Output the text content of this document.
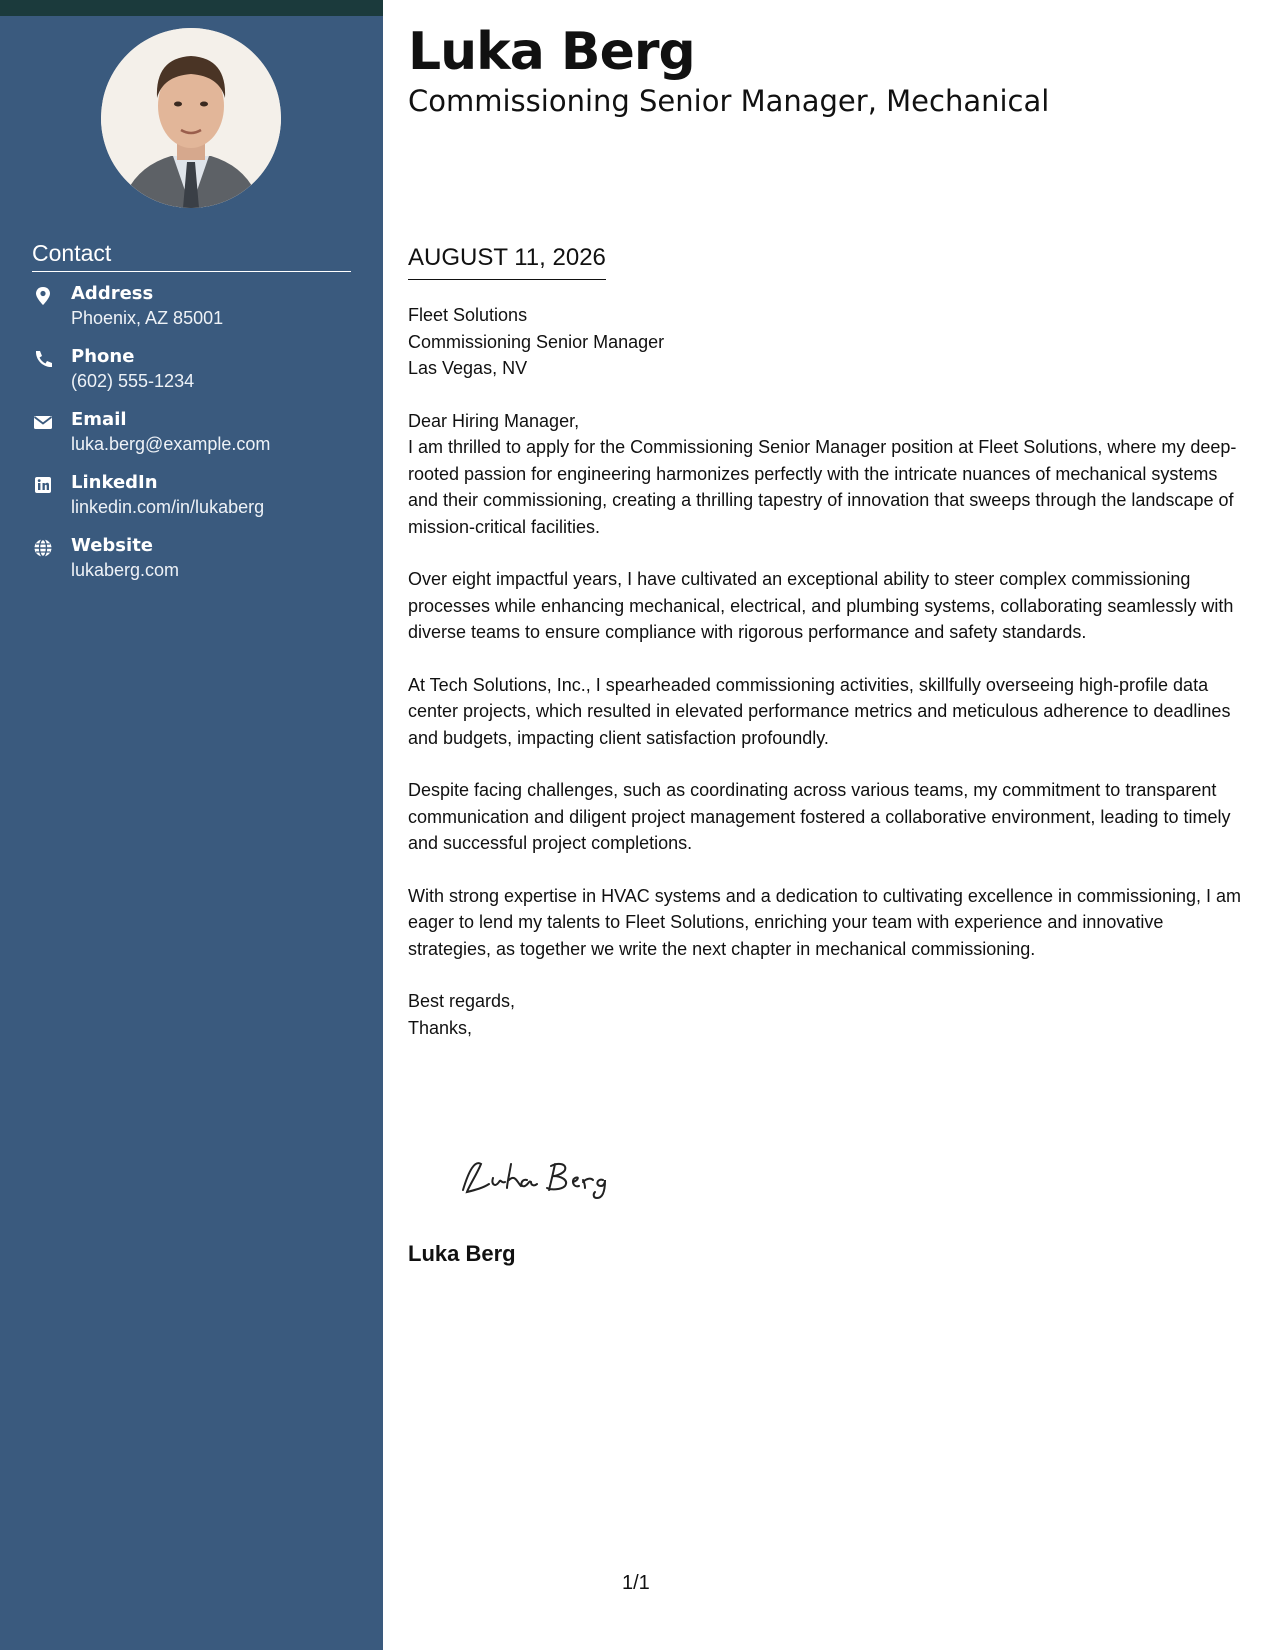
Contact
Address
Phoenix, AZ 85001
Phone
(602) 555-1234
Email
luka.berg@example.com
LinkedIn
linkedin.com/in/lukaberg
Website
lukaberg.com
Luka Berg
Commissioning Senior Manager, Mechanical
AUGUST 11, 2026

Fleet Solutions

Commissioning Senior Manager

Las Vegas, NV

Dear Hiring Manager,

I am thrilled to apply for the Commissioning Senior Manager position at Fleet Solutions, where my deep-rooted passion for engineering harmonizes perfectly with the intricate nuances of mechanical systems and their commissioning, creating a thrilling tapestry of innovation that sweeps through the landscape of mission-critical facilities.

Over eight impactful years, I have cultivated an exceptional ability to steer complex commissioning processes while enhancing mechanical, electrical, and plumbing systems, collaborating seamlessly with diverse teams to ensure compliance with rigorous performance and safety standards.

At Tech Solutions, Inc., I spearheaded commissioning activities, skillfully overseeing high-profile data center projects, which resulted in elevated performance metrics and meticulous adherence to deadlines and budgets, impacting client satisfaction profoundly.

Despite facing challenges, such as coordinating across various teams, my commitment to transparent communication and diligent project management fostered a collaborative environment, leading to timely and successful project completions.

With strong expertise in HVAC systems and a dedication to cultivating excellence in commissioning, I am eager to lend my talents to Fleet Solutions, enriching your team with experience and innovative strategies, as together we write the next chapter in mechanical commissioning.

Best regards,

Thanks,

Luka Berg
1/1
